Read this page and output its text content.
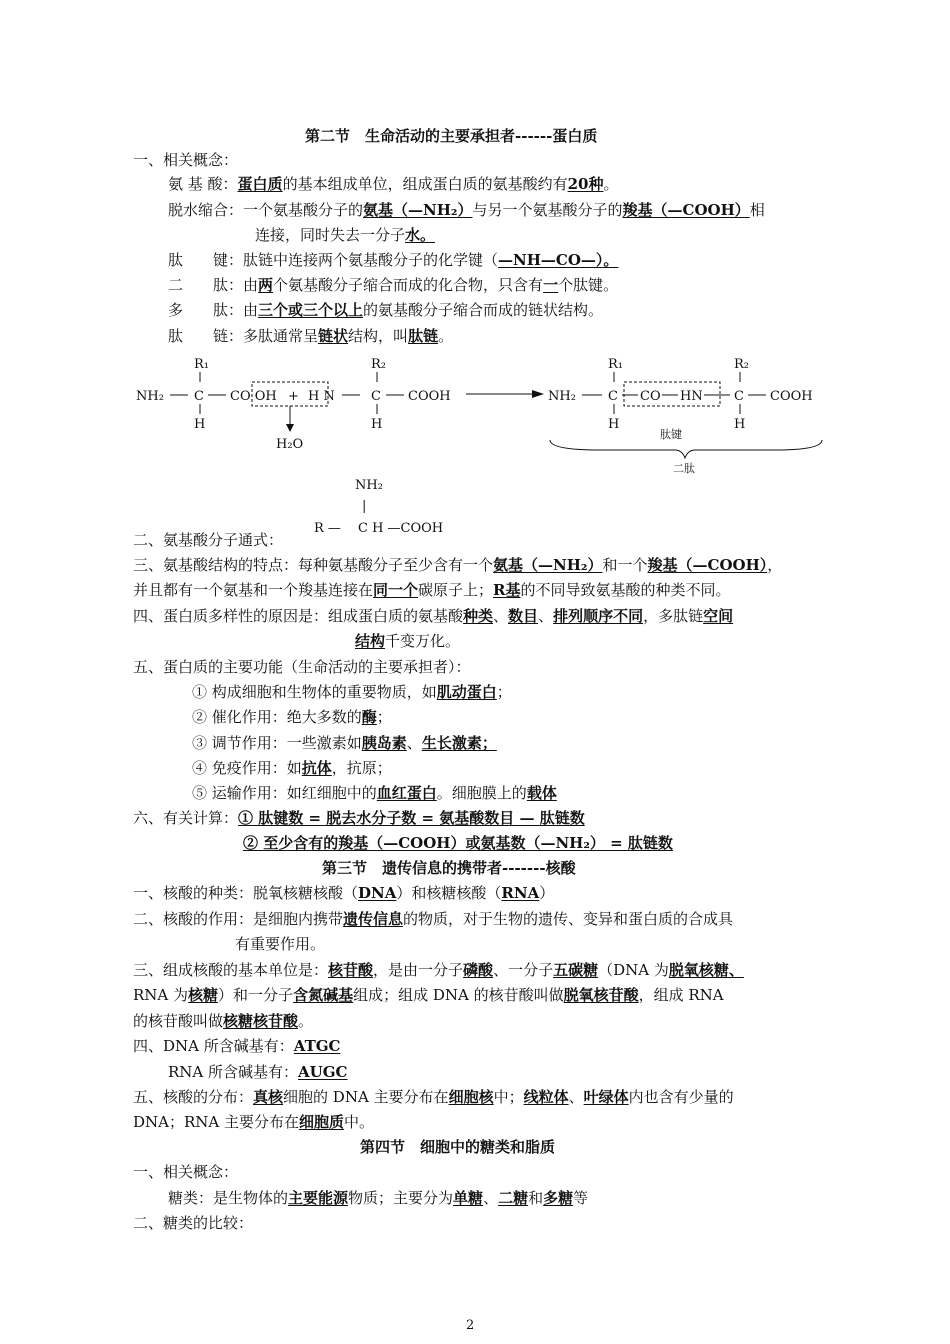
第二节　生命活动的主要承担者------蛋白质
一、相关概念：
氨 基 酸：蛋白质的基本组成单位，组成蛋白质的氨基酸约有20种。
脱水缩合：一个氨基酸分子的氨基（—NH₂）与另一个氨基酸分子的羧基（—COOH）相
连接，同时失去一分子水。
肽　　键：肽链中连接两个氨基酸分子的化学键（—NH—CO—）。
二　　肽：由两个氨基酸分子缩合而成的化合物，只含有一个肽键。
多　　肽：由三个或三个以上的氨基酸分子缩合而成的链状结构。
肽　　链：多肽通常呈链状结构，叫肽链。
R₁
NH₂ C
H
CO OH + H N
H₂O
R₂
C
H
COOH
R₁
NH₂ C
H
CO HN
R₂
C
H
COOH
肽键
二肽
NH₂
|
R — C H —COOH
二、氨基酸分子通式：
三、氨基酸结构的特点：每种氨基酸分子至少含有一个氨基（—NH₂）和一个羧基（—COOH），
并且都有一个氨基和一个羧基连接在同一个碳原子上；R基的不同导致氨基酸的种类不同。
四、蛋白质多样性的原因是：组成蛋白质的氨基酸种类、数目、排列顺序不同，多肽链空间
结构千变万化。
五、蛋白质的主要功能（生命活动的主要承担者）：
① 构成细胞和生物体的重要物质，如肌动蛋白；
② 催化作用：绝大多数的酶；
③ 调节作用：一些激素如胰岛素、生长激素；
④ 免疫作用：如抗体，抗原；
⑤ 运输作用：如红细胞中的血红蛋白。细胞膜上的载体
六、有关计算：① 肽键数 = 脱去水分子数 = 氨基酸数目 — 肽链数
② 至少含有的羧基（—COOH）或氨基数（—NH₂） = 肽链数
第三节　遗传信息的携带者-------核酸
一、核酸的种类：脱氧核糖核酸（DNA）和核糖核酸（RNA）
二、核酸的作用：是细胞内携带遗传信息的物质，对于生物的遗传、变异和蛋白质的合成具
有重要作用。
三、组成核酸的基本单位是：核苷酸，是由一分子磷酸、一分子五碳糖（DNA 为脱氧核糖、
RNA 为核糖）和一分子含氮碱基组成；组成 DNA 的核苷酸叫做脱氧核苷酸，组成 RNA
的核苷酸叫做核糖核苷酸。
四、DNA 所含碱基有：ATGC
RNA 所含碱基有：AUGC
五、核酸的分布：真核细胞的 DNA 主要分布在细胞核中；线粒体、叶绿体内也含有少量的
DNA；RNA 主要分布在细胞质中。
第四节　细胞中的糖类和脂质
一、相关概念：
糖类：是生物体的主要能源物质；主要分为单糖、二糖和多糖等
二、糖类的比较：
2
